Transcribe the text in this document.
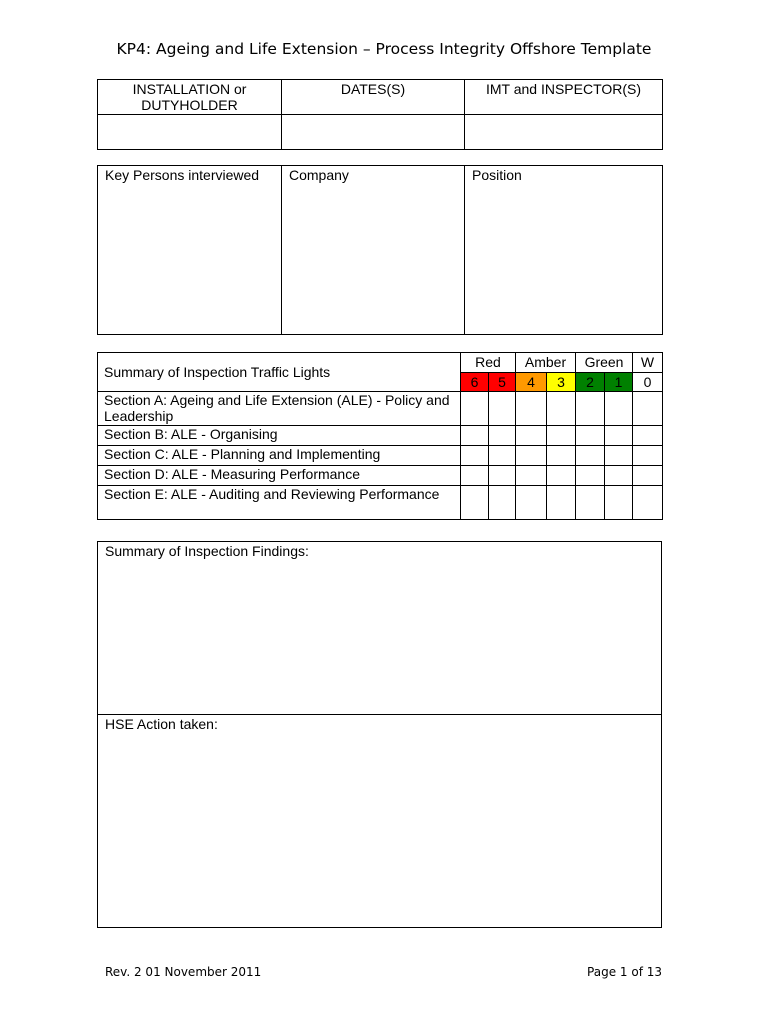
KP4: Ageing and Life Extension – Process Integrity Offshore Template
INSTALLATION or DUTYHOLDER	DATES(S)	IMT and INSPECTOR(S)

Key Persons interviewed	Company	Position
Summary of Inspection Traffic Lights	Red		Amber		Green		W
	6	5	4	3	2	1	0
Section A: Ageing and Life Extension (ALE) - Policy and Leadership							
Section B: ALE - Organising							
Section C: ALE - Planning and Implementing							
Section D: ALE - Measuring Performance							
Section E: ALE - Auditing and Reviewing Performance							
Summary of Inspection Findings:
HSE Action taken:
Rev. 2 01 November 2011	Page 1 of 13
